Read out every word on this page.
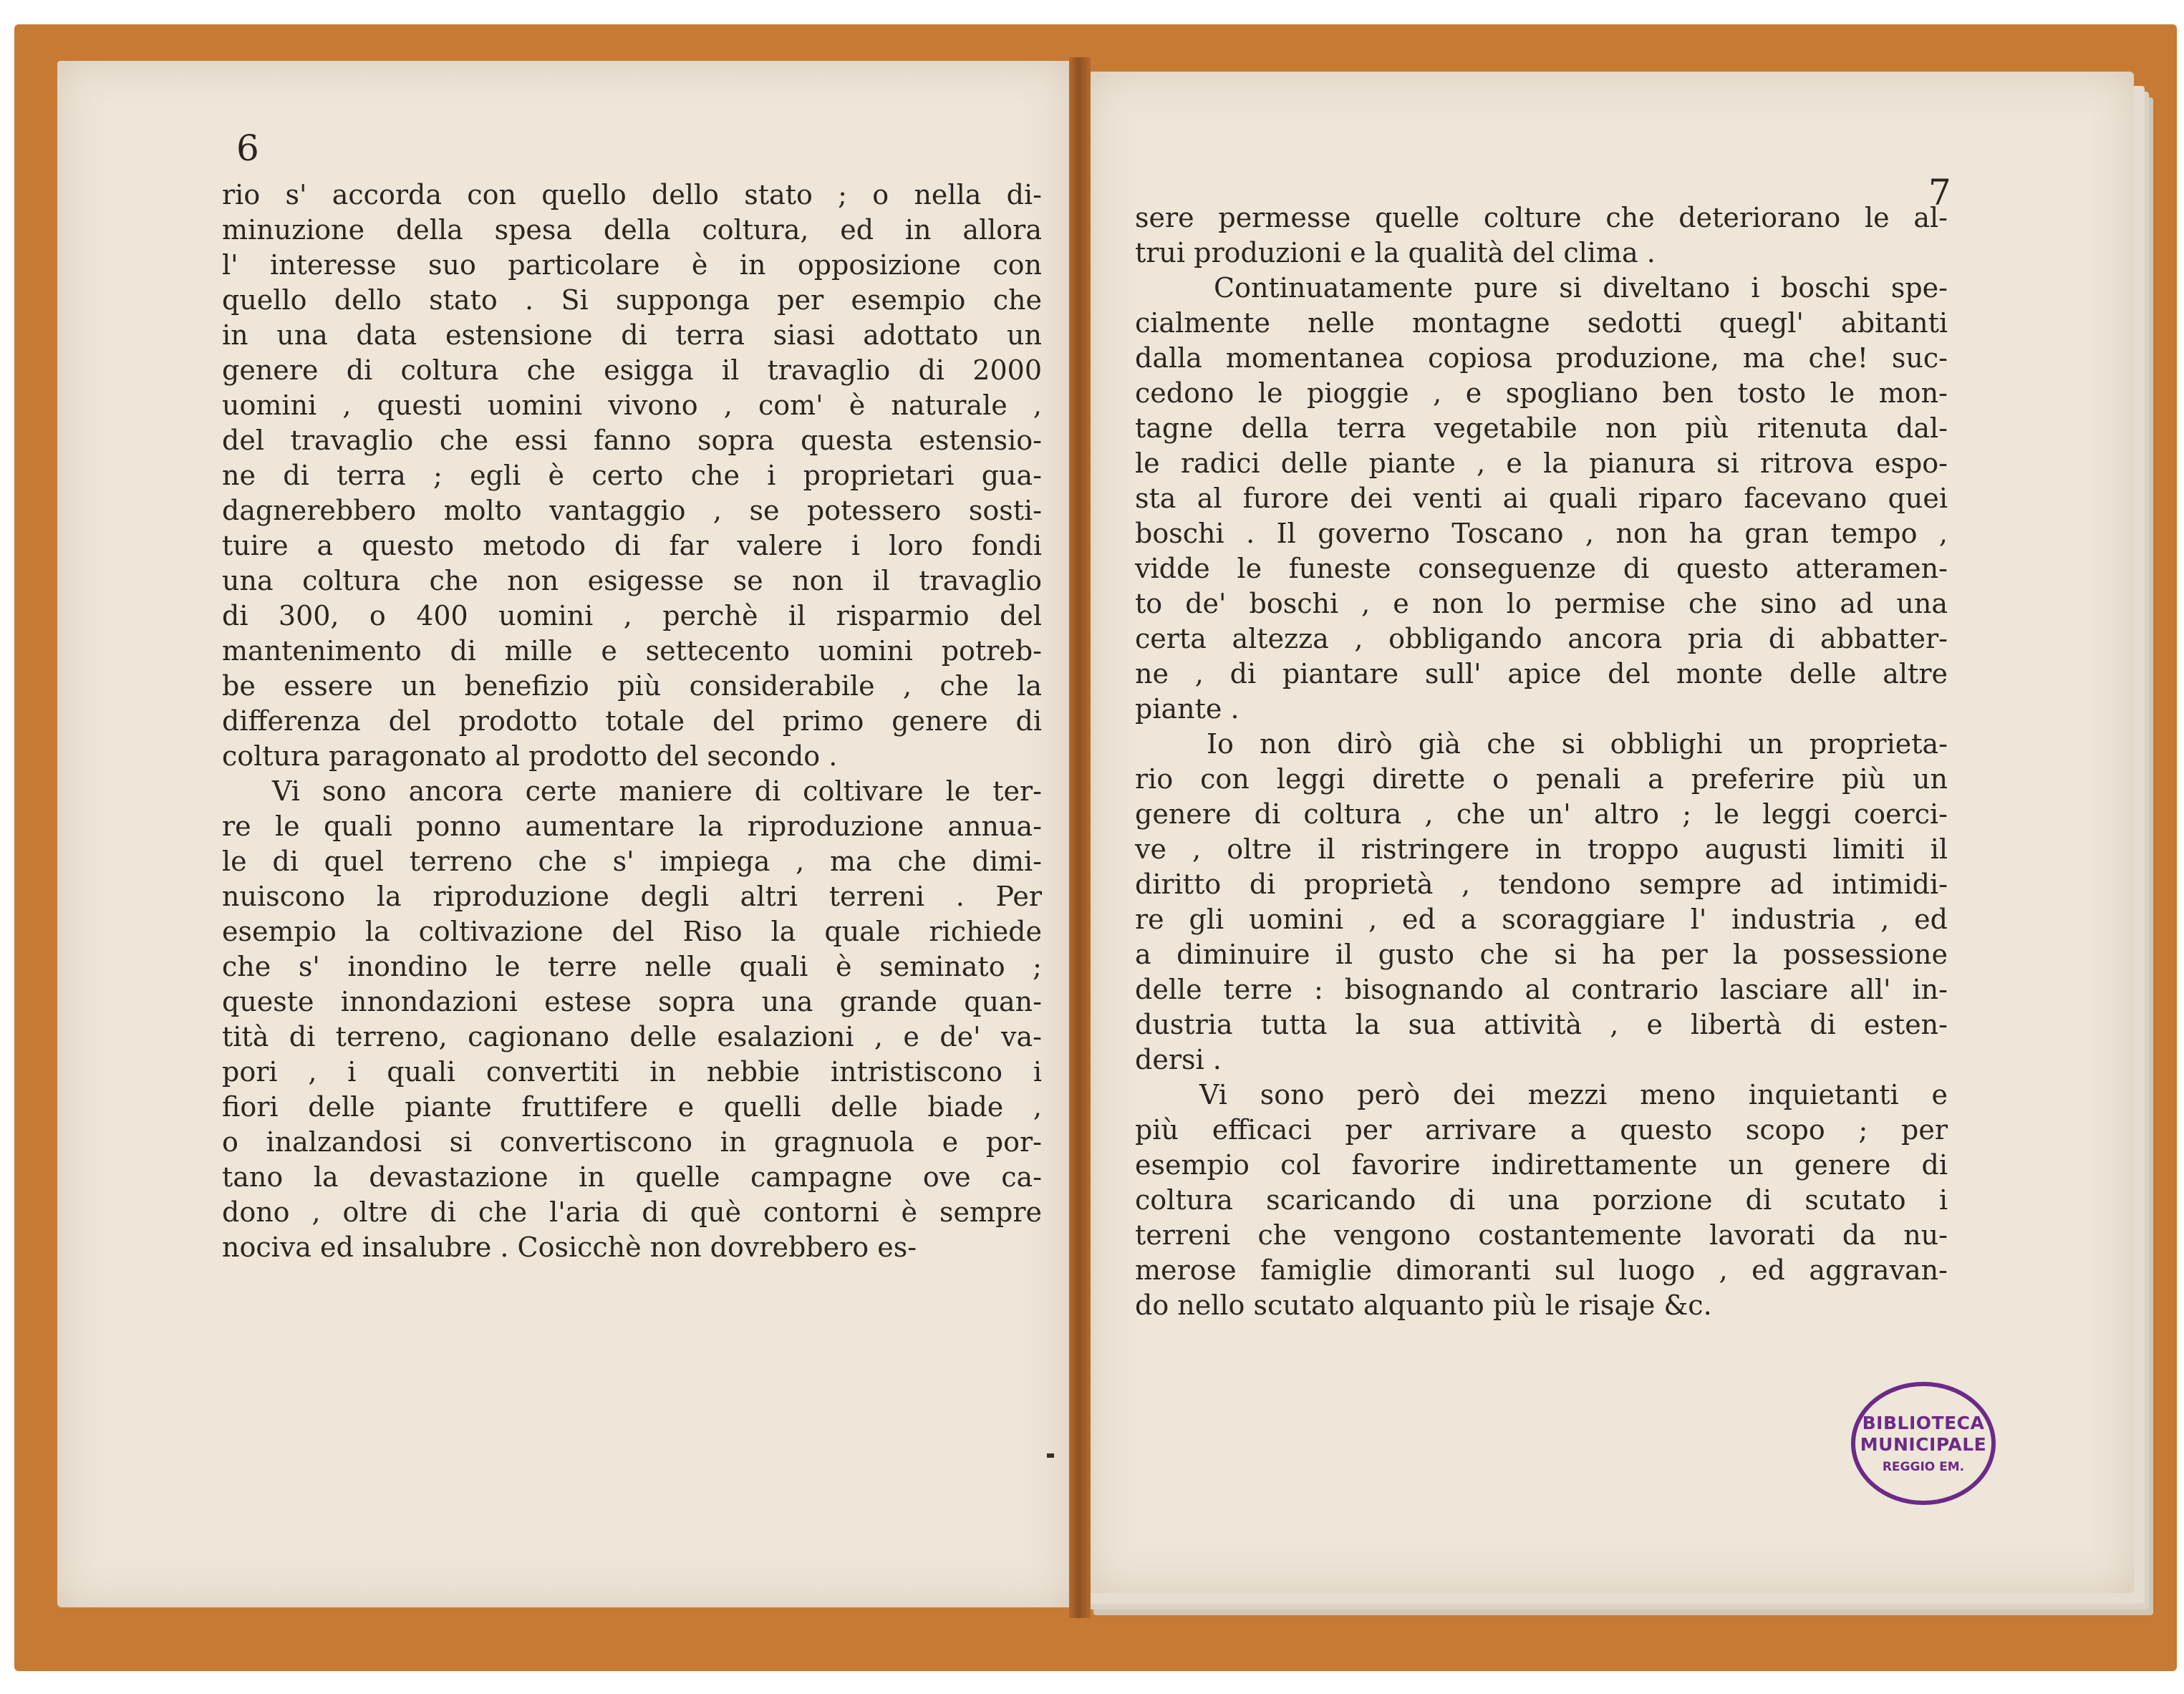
6
7

rio s' accorda con quello dello stato ; o nella di-
minuzione della spesa della coltura, ed in allora
l' interesse suo particolare è in opposizione con
quello dello stato . Si supponga per esempio che
in una data estensione di terra siasi adottato un
genere di coltura che esigga il travaglio di 2000
uomini , questi uomini vivono , com' è naturale ,
del travaglio che essi fanno sopra questa estensio-
ne di terra ; egli è certo che i proprietari gua-
dagnerebbero molto vantaggio , se potessero sosti-
tuire a questo metodo di far valere i loro fondi
una coltura che non esigesse se non il travaglio
di 300, o 400 uomini , perchè il risparmio del
mantenimento di mille e settecento uomini potreb-
be essere un benefizio più considerabile , che la
differenza del prodotto totale del primo genere di
coltura paragonato al prodotto del secondo .

Vi sono ancora certe maniere di coltivare le ter-
re le quali ponno aumentare la riproduzione annua-
le di quel terreno che s' impiega , ma che dimi-
nuiscono la riproduzione degli altri terreni . Per
esempio la coltivazione del Riso la quale richiede
che s' inondino le terre nelle quali è seminato ;
queste innondazioni estese sopra una grande quan-
tità di terreno, cagionano delle esalazioni , e de' va-
pori , i quali convertiti in nebbie intristiscono i
fiori delle piante fruttifere e quelli delle biade ,
o inalzandosi si convertiscono in gragnuola e por-
tano la devastazione in quelle campagne ove ca-
dono , oltre di che l'aria di què contorni è sempre
nociva ed insalubre . Cosicchè non dovrebbero es-

sere permesse quelle colture che deteriorano le al-
trui produzioni e la qualità del clima .

Continuatamente pure si diveltano i boschi spe-
cialmente nelle montagne sedotti quegl' abitanti
dalla momentanea copiosa produzione, ma che! suc-
cedono le pioggie , e spogliano ben tosto le mon-
tagne della terra vegetabile non più ritenuta dal-
le radici delle piante , e la pianura si ritrova espo-
sta al furore dei venti ai quali riparo facevano quei
boschi . Il governo Toscano , non ha gran tempo ,
vidde le funeste conseguenze di questo atteramen-
to de' boschi , e non lo permise che sino ad una
certa altezza , obbligando ancora pria di abbatter-
ne , di piantare sull' apice del monte delle altre
piante .

Io non dirò già che si obblighi un proprieta-
rio con leggi dirette o penali a preferire più un
genere di coltura , che un' altro ; le leggi coerci-
ve , oltre il ristringere in troppo augusti limiti il
diritto di proprietà , tendono sempre ad intimidi-
re gli uomini , ed a scoraggiare l' industria , ed
a diminuire il gusto che si ha per la possessione
delle terre : bisognando al contrario lasciare all' in-
dustria tutta la sua attività , e libertà di esten-
dersi .

Vi sono però dei mezzi meno inquietanti e
più efficaci per arrivare a questo scopo ; per
esempio col favorire indirettamente un genere di
coltura scaricando di una porzione di scutato i
terreni che vengono costantemente lavorati da nu-
merose famiglie dimoranti sul luogo , ed aggravan-
do nello scutato alquanto più le risaje &c.

BIBLIOTECA
MUNICIPALE
REGGIO EM.
